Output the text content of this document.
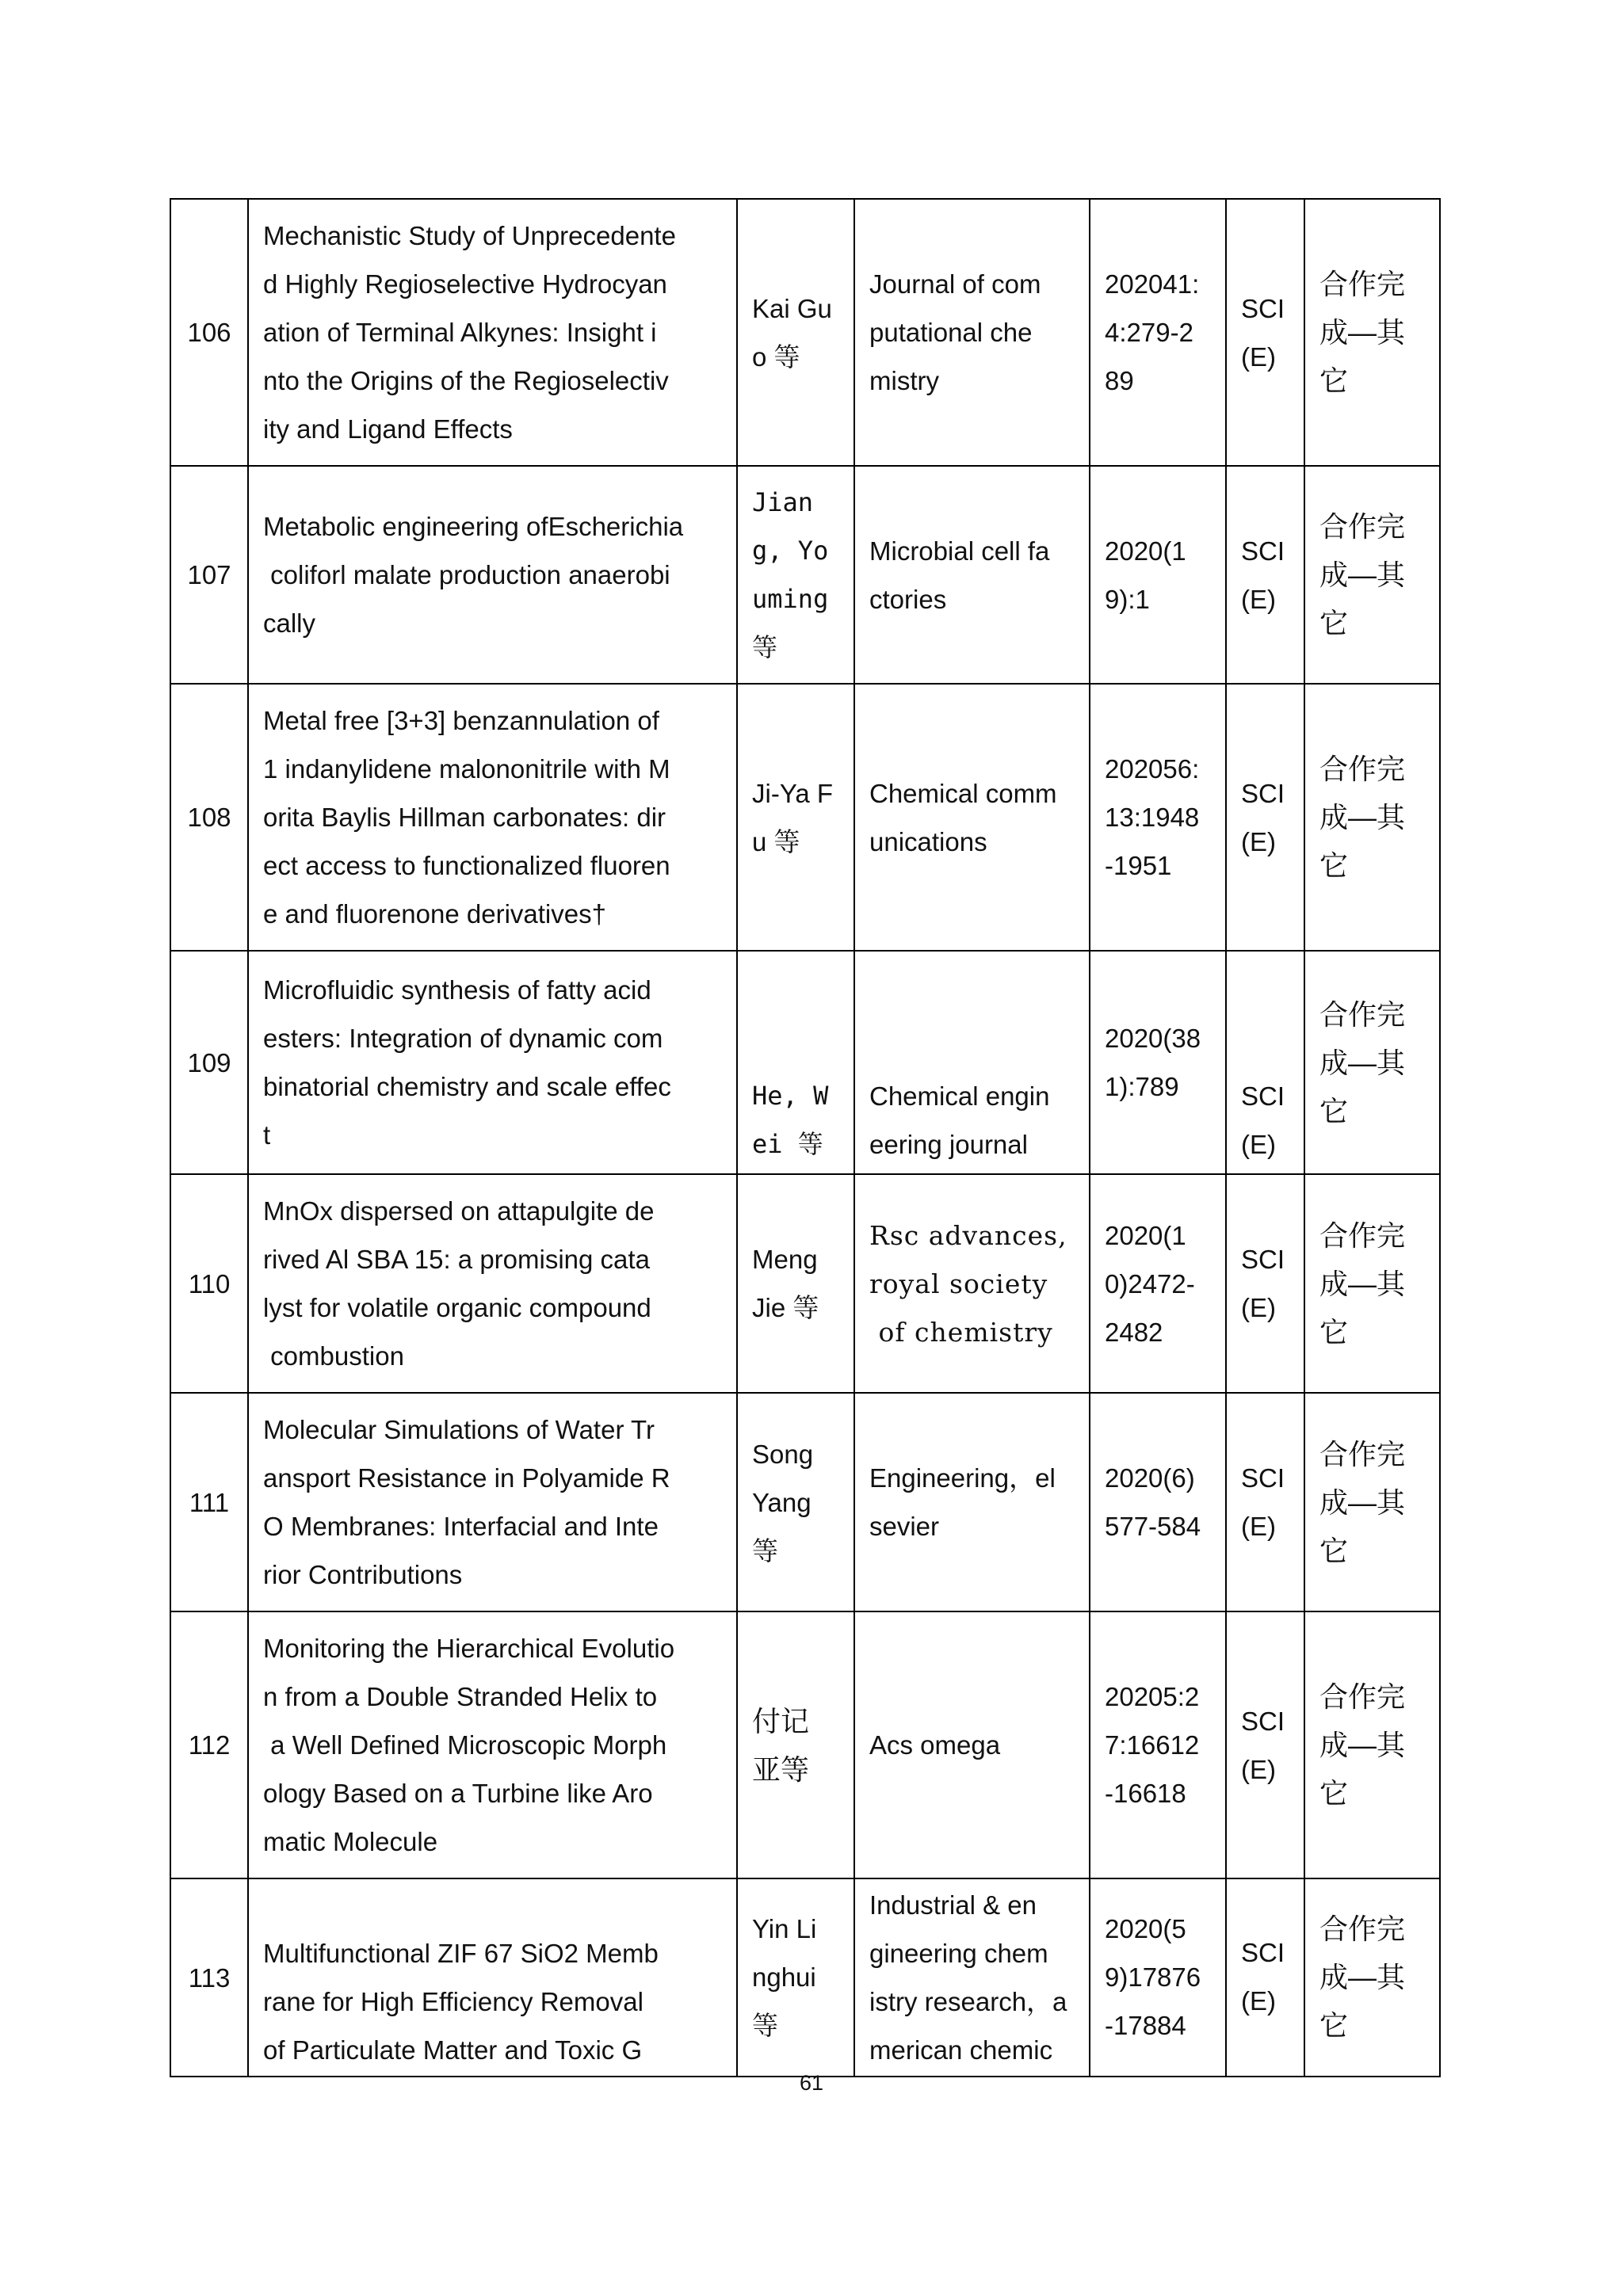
106	Mechanistic Study of Unprecedente
d Highly Regioselective Hydrocyan
ation of Terminal Alkynes: Insight i
nto the Origins of the Regioselectiv
ity and Ligand Effects	Kai Gu
o 等	Journal of com
putational che
mistry	202041:
4:279-2
89	SCI
(E)	合作完
成—其
它

107	Metabolic engineering ofEscherichia
coliforl malate production anaerobi
cally	Jian
g, Yo
uming
等	Microbial cell fa
ctories	2020(1
9):1	SCI
(E)	合作完
成—其
它

108	Metal free [3+3] benzannulation of
1 indanylidene malononitrile with M
orita Baylis Hillman carbonates: dir
ect access to functionalized fluoren
e and fluorenone derivatives†	Ji-Ya F
u 等	Chemical comm
unications	202056:
13:1948
-1951	SCI
(E)	合作完
成—其
它

109	Microfluidic synthesis of fatty acid
esters: Integration of dynamic com
binatorial chemistry and scale effec
t	He, W
ei 等	Chemical engin
eering journal	2020(38
1):789	SCI
(E)	合作完
成—其
它

110	MnOx dispersed on attapulgite de
rived Al SBA 15: a promising cata
lyst for volatile organic compound
combustion	Meng
Jie 等	Rsc advances,
royal society
of chemistry	2020(1
0)2472-
2482	SCI
(E)	合作完
成—其
它

111	Molecular Simulations of Water Tr
ansport Resistance in Polyamide R
O Membranes: Interfacial and Inte
rior Contributions	Song
Yang
等	Engineering，el
sevier	2020(6)
577-584	SCI
(E)	合作完
成—其
它

112	Monitoring the Hierarchical Evolutio
n from a Double Stranded Helix to
a Well Defined Microscopic Morph
ology Based on a Turbine like Aro
matic Molecule	付记
亚等	Acs omega	20205:2
7:16612
-16618	SCI
(E)	合作完
成—其
它

113	Multifunctional ZIF 67 SiO2 Memb
rane for High Efficiency Removal
of Particulate Matter and Toxic G	Yin Li
nghui
等	Industrial & en
gineering chem
istry research，a
merican chemic	2020(5
9)17876
-17884	SCI
(E)	合作完
成—其
它
61
